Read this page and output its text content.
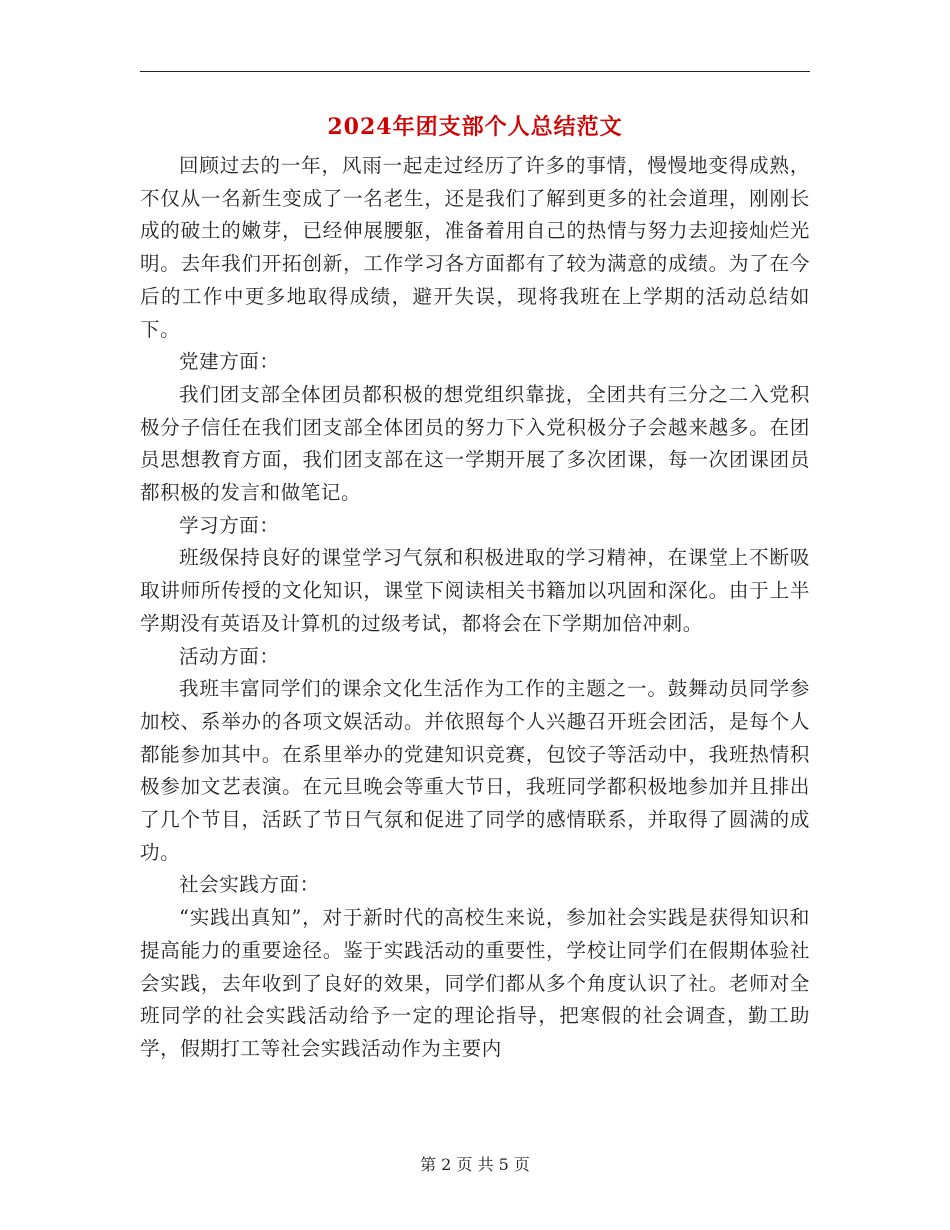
2024年团支部个人总结范文

回顾过去的一年，风雨一起走过经历了许多的事情，慢慢地变得成熟，不仅从一名新生变成了一名老生，还是我们了解到更多的社会道理，刚刚长成的破土的嫩芽，已经伸展腰躯，准备着用自己的热情与努力去迎接灿烂光明。去年我们开拓创新，工作学习各方面都有了较为满意的成绩。为了在今后的工作中更多地取得成绩，避开失误，现将我班在上学期的活动总结如下。

党建方面：

我们团支部全体团员都积极的想党组织靠拢，全团共有三分之二入党积极分子信任在我们团支部全体团员的努力下入党积极分子会越来越多。在团员思想教育方面，我们团支部在这一学期开展了多次团课，每一次团课团员都积极的发言和做笔记。

学习方面：

班级保持良好的课堂学习气氛和积极进取的学习精神，在课堂上不断吸取讲师所传授的文化知识，课堂下阅读相关书籍加以巩固和深化。由于上半学期没有英语及计算机的过级考试，都将会在下学期加倍冲刺。

活动方面：

我班丰富同学们的课余文化生活作为工作的主题之一。鼓舞动员同学参加校、系举办的各项文娱活动。并依照每个人兴趣召开班会团活，是每个人都能参加其中。在系里举办的党建知识竞赛，包饺子等活动中，我班热情积极参加文艺表演。在元旦晚会等重大节日，我班同学都积极地参加并且排出了几个节目，活跃了节日气氛和促进了同学的感情联系，并取得了圆满的成功。

社会实践方面：

“实践出真知”，对于新时代的高校生来说，参加社会实践是获得知识和提高能力的重要途径。鉴于实践活动的重要性，学校让同学们在假期体验社会实践，去年收到了良好的效果，同学们都从多个角度认识了社。老师对全班同学的社会实践活动给予一定的理论指导，把寒假的社会调查，勤工助学，假期打工等社会实践活动作为主要内

第 2 页 共 5 页
